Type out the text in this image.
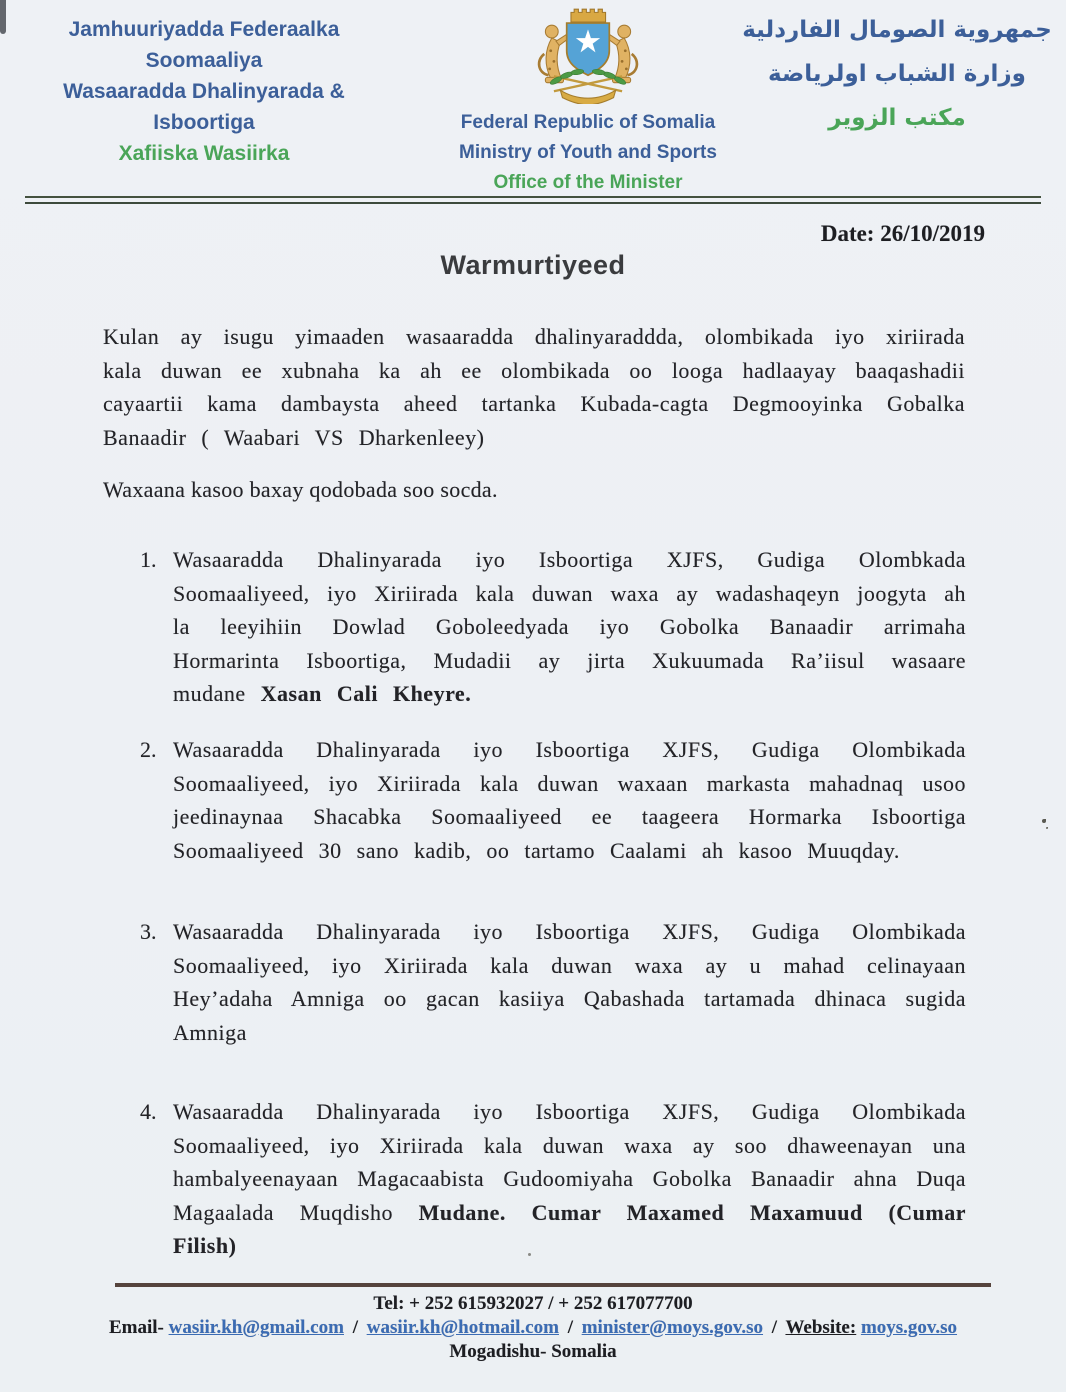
Jamhuuriyadda Federaalka Soomaaliya
Wasaaradda Dhalinyarada & Isboortiga
Xafiiska Wasiirka
Federal Republic of Somalia
Ministry of Youth and Sports
Office of the Minister
جمهروية الصومال الفاردلية
وزارة الشباب اولرياضة
مكتب الزوير
Date: 26/10/2019
Warmurtiyeed

Kulan ay isugu yimaaden wasaaradda dhalinyaraddda, olombikada iyo xiriirada kala duwan ee xubnaha ka ah ee olombikada oo looga hadlaayay baaqashadii cayaartii kama dambaysta aheed tartanka Kubada-cagta Degmooyinka Gobalka Banaadir ( Waabari VS Dharkenleey)

Waxaana kasoo baxay qodobada soo socda.

1. Wasaaradda Dhalinyarada iyo Isboortiga XJFS, Gudiga Olombkada Soomaaliyeed, iyo Xiriirada kala duwan waxa ay wadashaqeyn joogyta ah la leeyihiin Dowlad Goboleedyada iyo Gobolka Banaadir arrimaha Hormarinta Isboortiga, Mudadii ay jirta Xukuumada Ra’iisul wasaare mudane Xasan Cali Kheyre.
2. Wasaaradda Dhalinyarada iyo Isboortiga XJFS, Gudiga Olombikada Soomaaliyeed, iyo Xiriirada kala duwan waxaan markasta mahadnaq usoo jeedinaynaa Shacabka Soomaaliyeed ee taageera Hormarka Isboortiga Soomaaliyeed 30 sano kadib, oo tartamo Caalami ah kasoo Muuqday.
3. Wasaaradda Dhalinyarada iyo Isboortiga XJFS, Gudiga Olombikada Soomaaliyeed, iyo Xiriirada kala duwan waxa ay u mahad celinayaan Hey’adaha Amniga oo gacan kasiiya Qabashada tartamada dhinaca sugida Amniga
4. Wasaaradda Dhalinyarada iyo Isboortiga XJFS, Gudiga Olombikada Soomaaliyeed, iyo Xiriirada kala duwan waxa ay soo dhaweenayan una hambalyeenayaan Magacaabista Gudoomiyaha Gobolka Banaadir ahna Duqa Magaalada Muqdisho Mudane. Cumar Maxamed Maxamuud (Cumar Filish)
Tel: + 252 615932027 / + 252 617077700
Email- wasiir.kh@gmail.com / wasiir.kh@hotmail.com / minister@moys.gov.so / Website: moys.gov.so
Mogadishu- Somalia
